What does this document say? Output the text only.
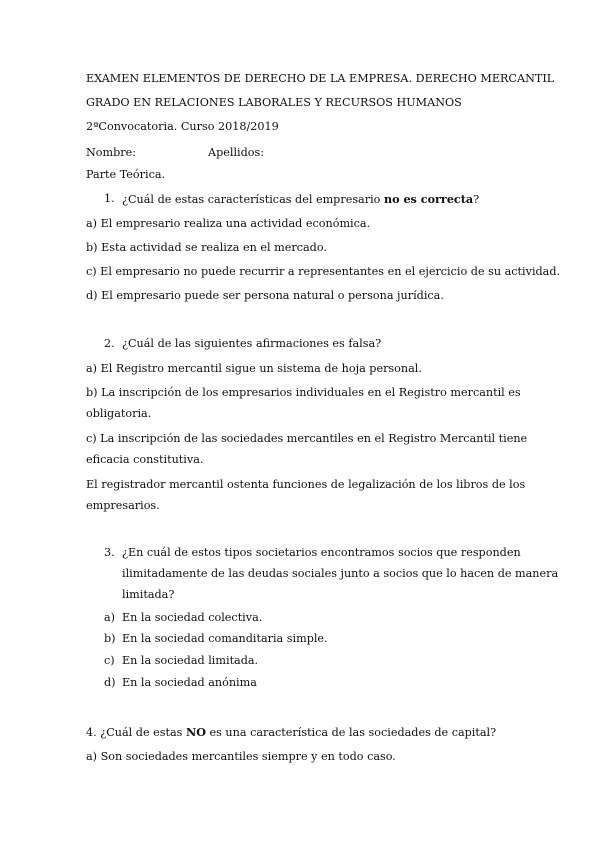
EXAMEN ELEMENTOS DE DERECHO DE LA EMPRESA. DERECHO MERCANTIL
GRADO EN RELACIONES LABORALES Y RECURSOS HUMANOS
2ªConvocatoria. Curso 2018/2019
Nombre:	Apellidos:
Parte Teórica.
1. ¿Cuál de estas características del empresario no es correcta?
a) El empresario realiza una actividad económica.
b) Esta actividad se realiza en el mercado.
c) El empresario no puede recurrir a representantes en el ejercicio de su actividad.
d) El empresario puede ser persona natural o persona jurídica.
2. ¿Cuál de las siguientes afirmaciones es falsa?
a) El Registro mercantil sigue un sistema de hoja personal.
b) La inscripción de los empresarios individuales en el Registro mercantil es
obligatoria.
c) La inscripción de las sociedades mercantiles en el Registro Mercantil tiene
eficacia constitutiva.
El registrador mercantil ostenta funciones de legalización de los libros de los
empresarios.
3. ¿En cuál de estos tipos societarios encontramos socios que responden
ilimitadamente de las deudas sociales junto a socios que lo hacen de manera
limitada?
a) En la sociedad colectiva.
b) En la sociedad comanditaria simple.
c) En la sociedad limitada.
d) En la sociedad anónima
4. ¿Cuál de estas NO es una característica de las sociedades de capital?
a) Son sociedades mercantiles siempre y en todo caso.
